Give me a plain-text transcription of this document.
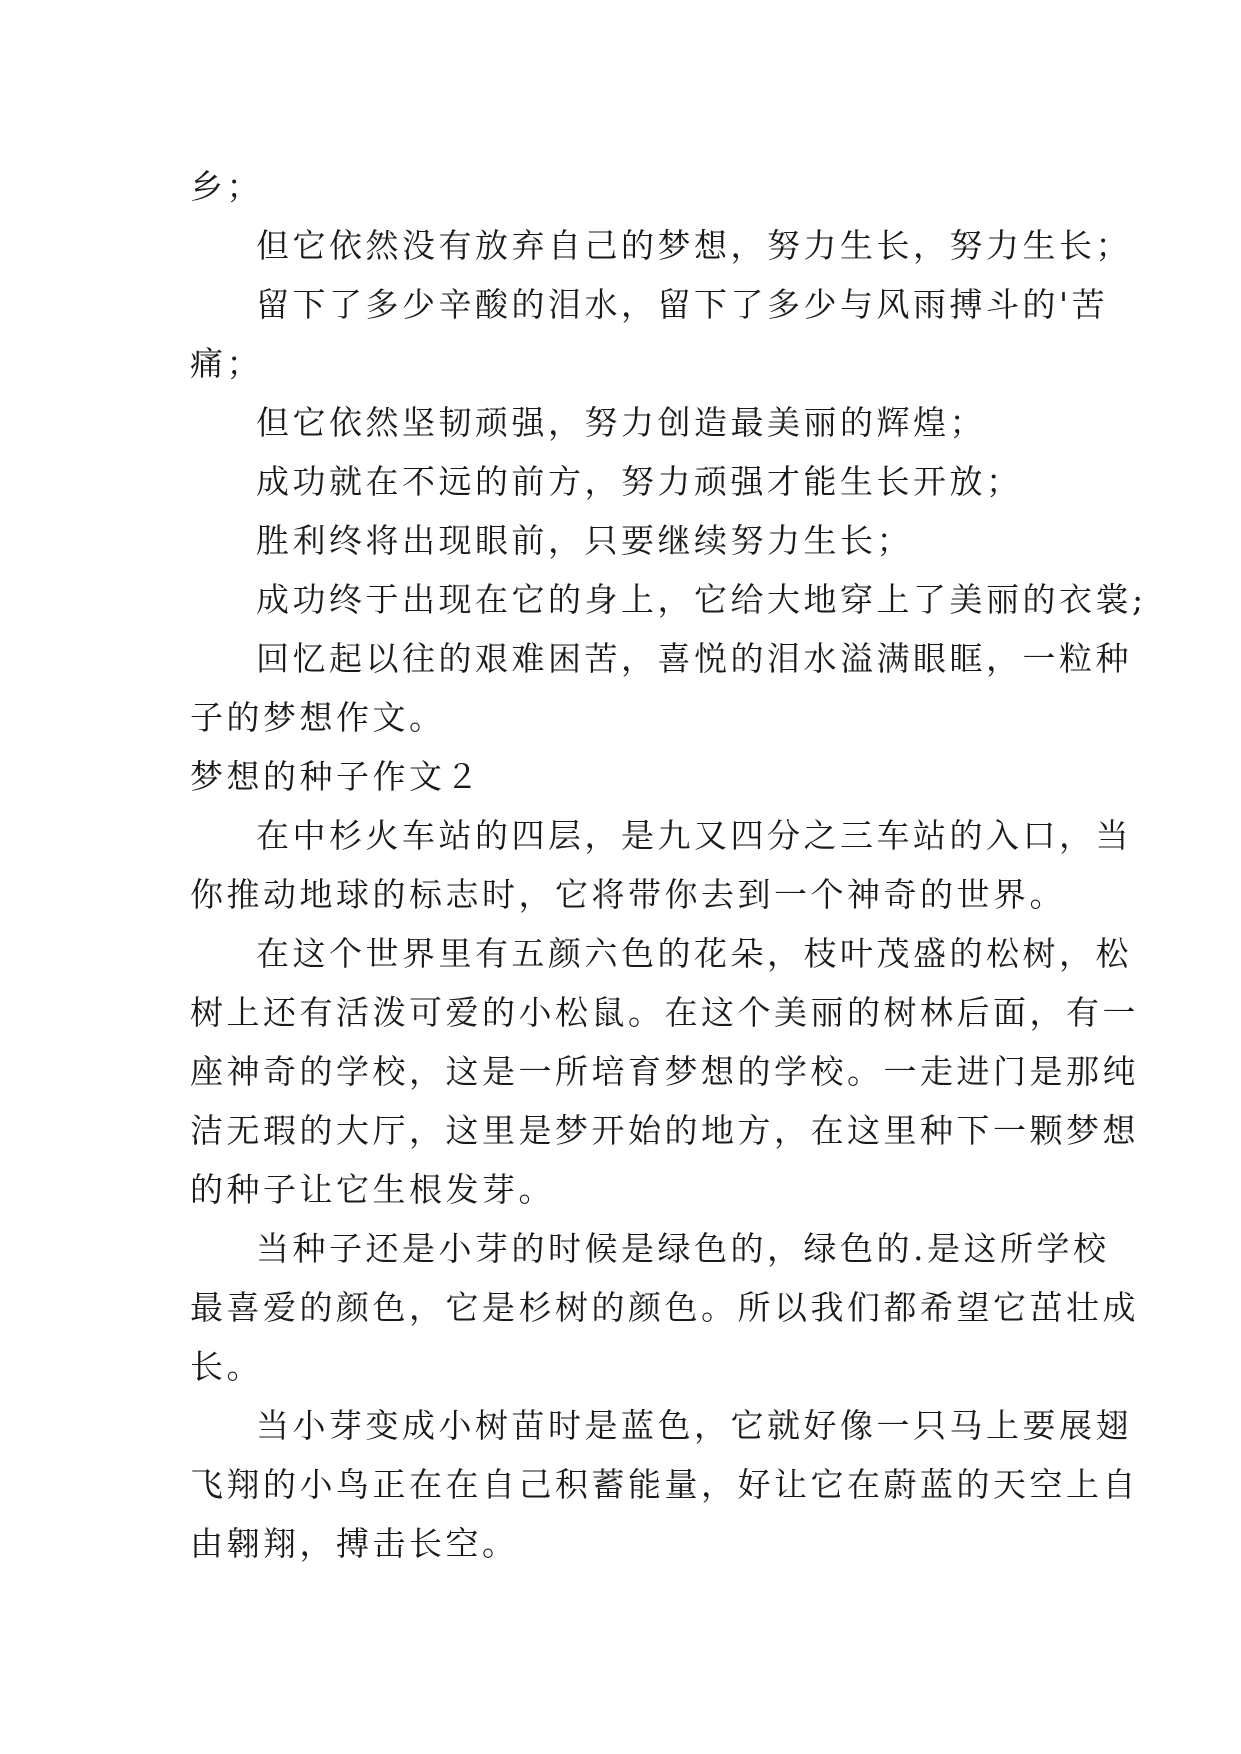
乡；
但它依然没有放弃自己的梦想，努力生长，努力生长；
留下了多少辛酸的泪水，留下了多少与风雨搏斗的'苦
痛；
但它依然坚韧顽强，努力创造最美丽的辉煌；
成功就在不远的前方，努力顽强才能生长开放；
胜利终将出现眼前，只要继续努力生长；
成功终于出现在它的身上，它给大地穿上了美丽的衣裳;
回忆起以往的艰难困苦，喜悦的泪水溢满眼眶，一粒种
子的梦想作文。
梦想的种子作文２
在中杉火车站的四层，是九又四分之三车站的入口，当
你推动地球的标志时，它将带你去到一个神奇的世界。
在这个世界里有五颜六色的花朵，枝叶茂盛的松树，松
树上还有活泼可爱的小松鼠。在这个美丽的树林后面，有一
座神奇的学校，这是一所培育梦想的学校。一走进门是那纯
洁无瑕的大厅，这里是梦开始的地方，在这里种下一颗梦想
的种子让它生根发芽。
当种子还是小芽的时候是绿色的，绿色的.是这所学校
最喜爱的颜色，它是杉树的颜色。所以我们都希望它茁壮成
长。
当小芽变成小树苗时是蓝色，它就好像一只马上要展翅
飞翔的小鸟正在在自己积蓄能量，好让它在蔚蓝的天空上自
由翱翔，搏击长空。
